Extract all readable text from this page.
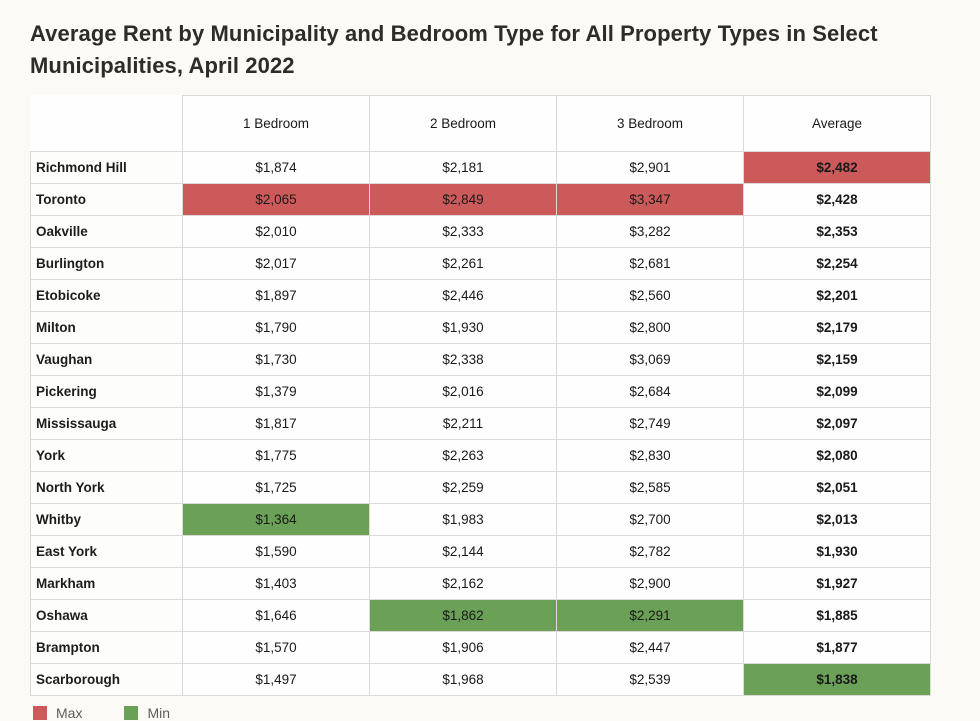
Average Rent by Municipality and Bedroom Type for All Property Types in Select Municipalities, April 2022
	1 Bedroom	2 Bedroom	3 Bedroom	Average
Richmond Hill	$1,874	$2,181	$2,901	$2,482
Toronto	$2,065	$2,849	$3,347	$2,428
Oakville	$2,010	$2,333	$3,282	$2,353
Burlington	$2,017	$2,261	$2,681	$2,254
Etobicoke	$1,897	$2,446	$2,560	$2,201
Milton	$1,790	$1,930	$2,800	$2,179
Vaughan	$1,730	$2,338	$3,069	$2,159
Pickering	$1,379	$2,016	$2,684	$2,099
Mississauga	$1,817	$2,211	$2,749	$2,097
York	$1,775	$2,263	$2,830	$2,080
North York	$1,725	$2,259	$2,585	$2,051
Whitby	$1,364	$1,983	$2,700	$2,013
East York	$1,590	$2,144	$2,782	$1,930
Markham	$1,403	$2,162	$2,900	$1,927
Oshawa	$1,646	$1,862	$2,291	$1,885
Brampton	$1,570	$1,906	$2,447	$1,877
Scarborough	$1,497	$1,968	$2,539	$1,838
Max	Min
